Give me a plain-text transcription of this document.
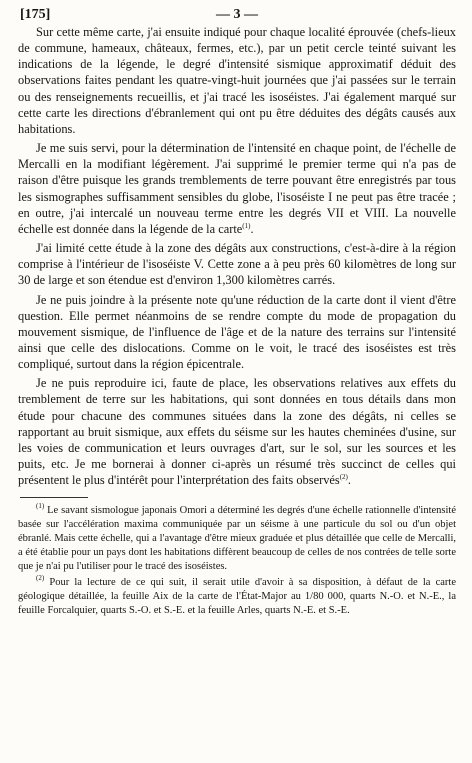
[175]	— 3 —

Sur cette même carte, j'ai ensuite indiqué pour chaque localité éprouvée (chefs-lieux de commune, hameaux, châteaux, fermes, etc.), par un petit cercle teinté suivant les indications de la légende, le degré d'intensité sismique approximatif déduit des observations faites pendant les quatre-vingt-huit journées que j'ai passées sur le terrain ou des renseignements recueillis, et j'ai tracé les isoséistes. J'ai également marqué sur cette carte les directions d'ébranlement qui ont pu être déduites des dégâts causés aux habitations.

Je me suis servi, pour la détermination de l'intensité en chaque point, de l'échelle de Mercalli en la modifiant légèrement. J'ai supprimé le premier terme qui n'a pas de raison d'être puisque les grands tremblements de terre pouvant être enregistrés par tous les sismographes suffisamment sensibles du globe, l'isoséiste I ne peut pas être tracée ; en outre, j'ai intercalé un nouveau terme entre les degrés VII et VIII. La nouvelle échelle est donnée dans la légende de la carte$^{(1)}$.

J'ai limité cette étude à la zone des dégâts aux constructions, c'est-à-dire à la région comprise à l'intérieur de l'isoséiste V. Cette zone a à peu près 60 kilomètres de long sur 30 de large et son étendue est d'environ 1,300 kilomètres carrés.

Je ne puis joindre à la présente note qu'une réduction de la carte dont il vient d'être question. Elle permet néanmoins de se rendre compte du mode de propagation du mouvement sismique, de l'influence de l'âge et de la nature des terrains sur l'intensité ainsi que celle des dislocations. Comme on le voit, le tracé des isoséistes est très compliqué, surtout dans la région épicentrale.

Je ne puis reproduire ici, faute de place, les observations relatives aux effets du tremblement de terre sur les habitations, qui sont données en tous détails dans mon étude pour chacune des communes situées dans la zone des dégâts, ni celles se rapportant au bruit sismique, aux effets du séisme sur les hautes cheminées d'usine, sur les voies de communication et leurs ouvrages d'art, sur le sol, sur les sources et les puits, etc. Je me bornerai à donner ci-après un résumé très succinct de celles qui présentent le plus d'intérêt pour l'interprétation des faits observés$^{(2)}$.

$^{(1)}$ Le savant sismologue japonais Omori a déterminé les degrés d'une échelle rationnelle d'intensité basée sur l'accélération maxima communiquée par un séisme à une particule du sol ou d'un objet ébranlé. Mais cette échelle, qui a l'avantage d'être mieux graduée et plus détaillée que celle de Mercalli, a été établie pour un pays dont les habitations diffèrent beaucoup de celles de nos contrées de telle sorte que je n'ai pu l'utiliser pour le tracé des isoséistes.

$^{(2)}$ Pour la lecture de ce qui suit, il serait utile d'avoir à sa disposition, à défaut de la carte géologique détaillée, la feuille Aix de la carte de l'État-Major au 1/80 000, quarts N.-O. et N.-E., la feuille Forcalquier, quarts S.-O. et S.-E. et la feuille Arles, quarts N.-E. et S.-E.
